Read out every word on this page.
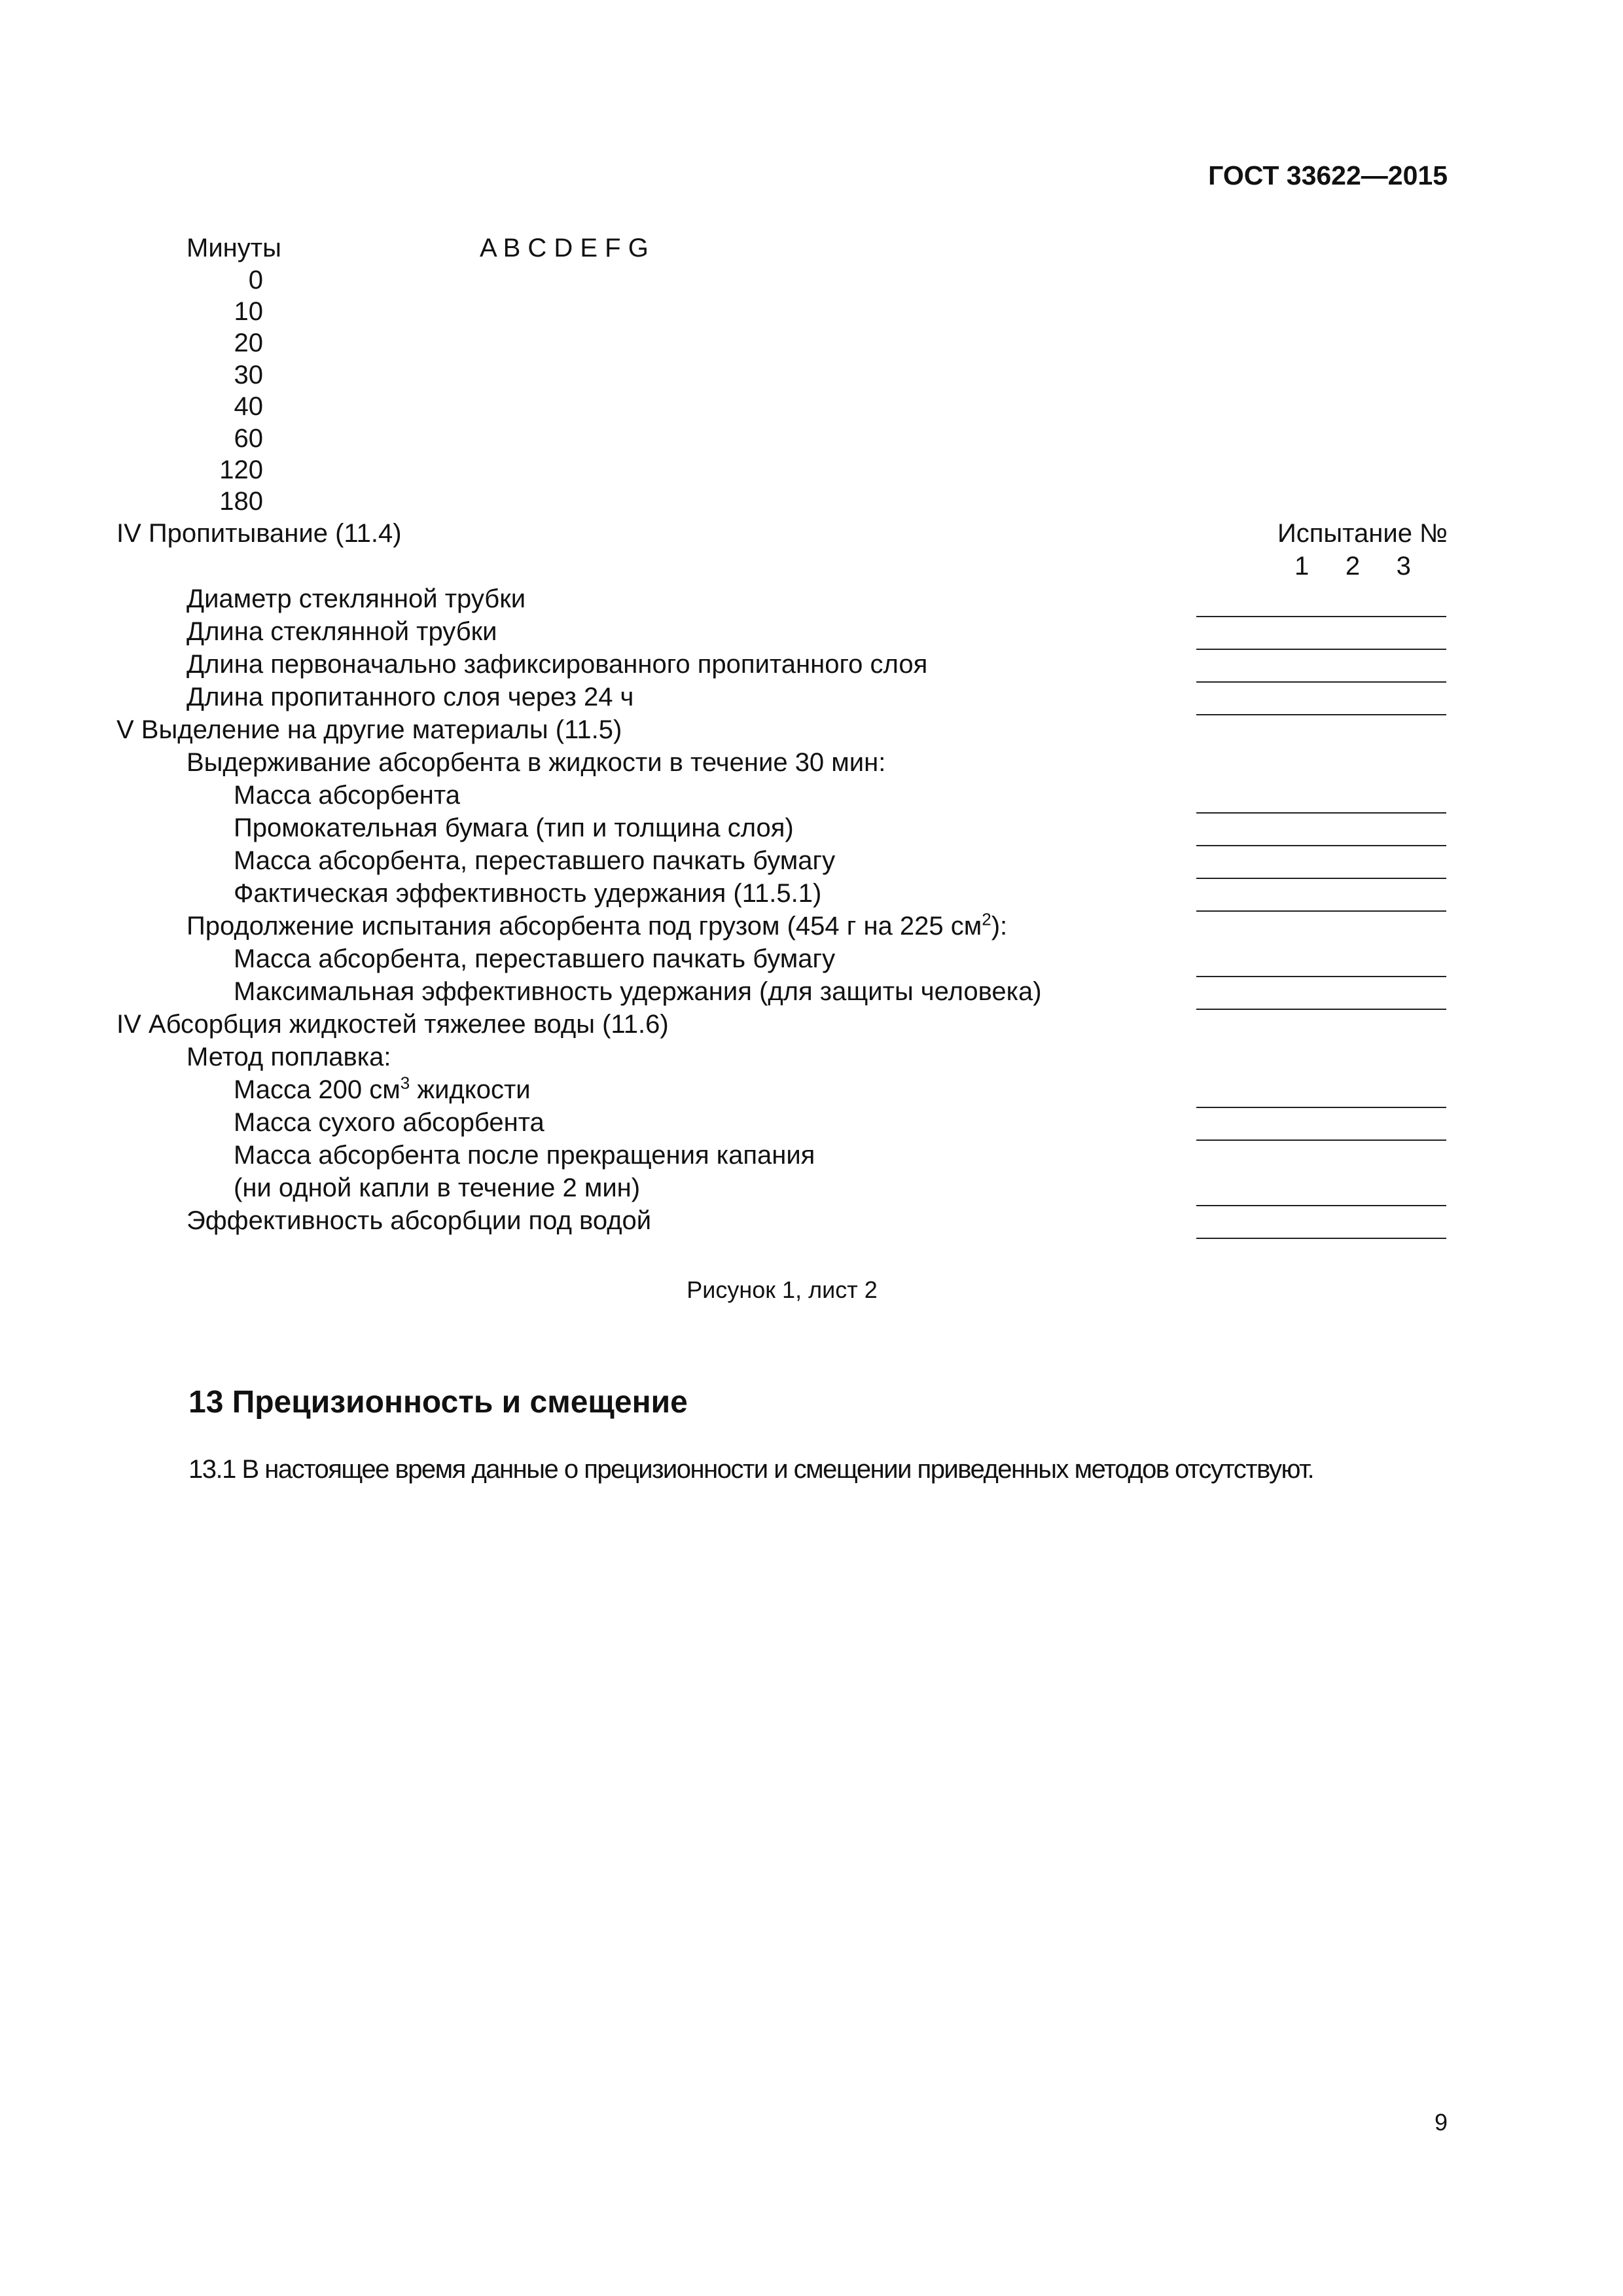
ГОСТ 33622—2015
Минуты	A B C D E F G
0
10
20
30
40
60
120
180
IV Пропитывание (11.4)	Испытание №
1     2     3
Диаметр стеклянной трубки
Длина стеклянной трубки
Длина первоначально зафиксированного пропитанного слоя
Длина пропитанного слоя через 24 ч
V Выделение на другие материалы (11.5)
Выдерживание абсорбента в жидкости в течение 30 мин:
Масса абсорбента
Промокательная бумага (тип и толщина слоя)
Масса абсорбента, переставшего пачкать бумагу
Фактическая эффективность удержания (11.5.1)
Продолжение испытания абсорбента под грузом (454 г на 225 $см^2$):
Масса абсорбента, переставшего пачкать бумагу
Максимальная эффективность удержания (для защиты человека)
IV Абсорбция жидкостей тяжелее воды (11.6)
Метод поплавка:
Масса 200 $см^3$ жидкости
Масса сухого абсорбента
Масса абсорбента после прекращения капания
(ни одной капли в течение 2 мин)
Эффективность абсорбции под водой
Рисунок 1, лист 2
13 Прецизионность и смещение
13.1 В настоящее время данные о прецизионности и смещении приведенных методов отсутствуют.
9
